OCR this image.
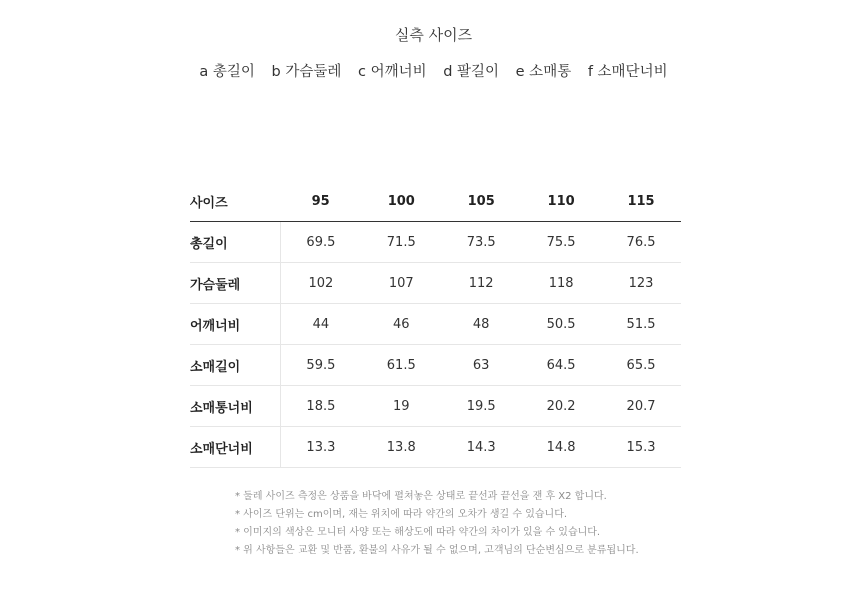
실측 사이즈
a 총길이 b 가슴둘레 c 어깨너비 d 팔길이 e 소매통 f 소매단너비
사이즈	95	100	105	110	115
총길이	69.5	71.5	73.5	75.5	76.5
가슴둘레	102	107	112	118	123
어깨너비	44	46	48	50.5	51.5
소매길이	59.5	61.5	63	64.5	65.5
소매통너비	18.5	19	19.5	20.2	20.7
소매단너비	13.3	13.8	14.3	14.8	15.3
* 둘레 사이즈 측정은 상품을 바닥에 펼쳐놓은 상태로 끝선과 끝선을 잰 후 X2 합니다.
* 사이즈 단위는 cm이며, 재는 위치에 따라 약간의 오차가 생길 수 있습니다.
* 이미지의 색상은 모니터 사양 또는 해상도에 따라 약간의 차이가 있을 수 있습니다.
* 위 사항들은 교환 및 반품, 환불의 사유가 될 수 없으며, 고객님의 단순변심으로 분류됩니다.
